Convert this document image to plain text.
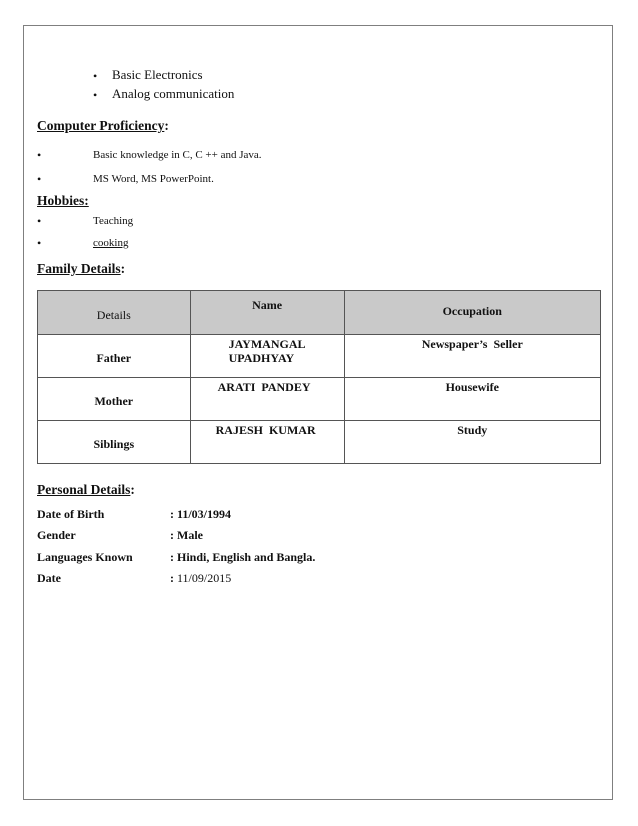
• Basic Electronics
• Analog communication
Computer Proficiency:
•	Basic knowledge in C, C ++ and Java.
•	MS Word, MS PowerPoint.
Hobbies:
•	Teaching
•	cooking
Family Details:
Details	Name	Occupation

Father	JAYMANGAL UPADHYAY	Newspaper’s  Seller

Mother	ARATI  PANDEY	Housewife

Siblings	RAJESH  KUMAR	Study
Personal Details:
Date of Birth	: 11/03/1994
Gender	: Male
Languages Known	: Hindi, English and Bangla.
Date	: 11/09/2015
